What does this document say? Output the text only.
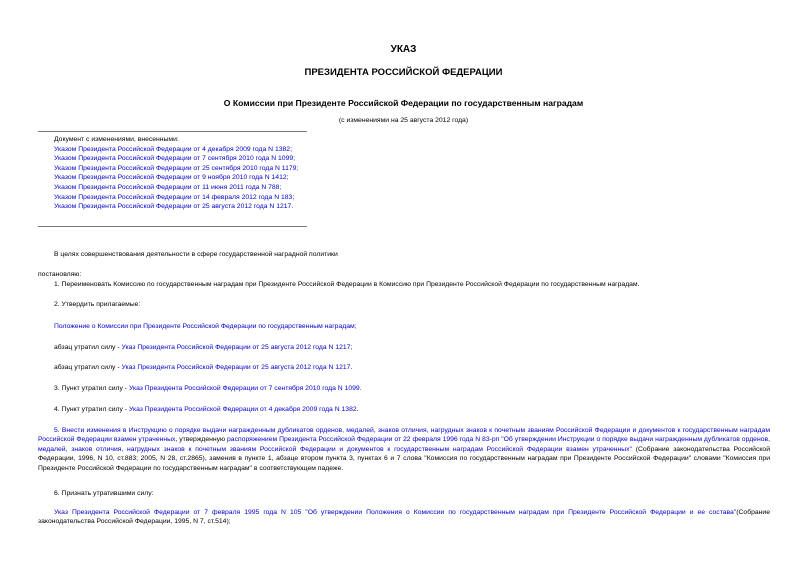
УКАЗ
ПРЕЗИДЕНТА РОССИЙСКОЙ ФЕДЕРАЦИИ
О Комиссии при Президенте Российской Федерации по государственным наградам
(с изменениями на 25 августа 2012 года)
Документ с изменениями, внесенными:
Указом Президента Российской Федерации от 4 декабря 2009 года N 1382;
Указом Президента Российской Федерации от 7 сентября 2010 года N 1099;
Указом Президента Российской Федерации от 25 сентября 2010 года N 1179;
Указом Президента Российской Федерации от 9 ноября 2010 года N 1412;
Указом Президента Российской Федерации от 11 июня 2011 года N 788;
Указом Президента Российской Федерации от 14 февраля 2012 года N 183;
Указом Президента Российской Федерации от 25 августа 2012 года N 1217.
В целях совершенствования деятельности в сфере государственной наградной политики
постановляю:
1. Переименовать Комиссию по государственным наградам при Президенте Российской Федерации в Комиссию при Президенте Российской Федерации по государственным наградам.
2. Утвердить прилагаемые:
Положение о Комиссии при Президенте Российской Федерации по государственным наградам;
абзац утратил силу - Указ Президента Российской Федерации от 25 августа 2012 года N 1217;
абзац утратил силу - Указ Президента Российской Федерации от 25 августа 2012 года N 1217.
3. Пункт утратил силу - Указ Президента Российской Федерации от 7 сентября 2010 года N 1099.
4. Пункт утратил силу - Указ Президента Российской Федерации от 4 декабря 2009 года N 1382.
5. Внести изменения в Инструкцию о порядке выдачи награжденным дубликатов орденов, медалей, знаков отличия, нагрудных знаков к почетным званиям Российской Федерации и документов к государственным наградам Российской Федерации взамен утраченных, утвержденную распоряжением Президента Российской Федерации от 22 февраля 1996 года N 83-рп "Об утверждении Инструкции о порядке выдачи награжденным дубликатов орденов, медалей, знаков отличия, нагрудных знаков к почетным званиям Российской Федерации и документов к государственным наградам Российской Федерации взамен утраченных" (Собрание законодательства Российской Федерации, 1996, N 10, ст.883; 2005, N 28, ст.2865), заменив в пункте 1, абзаце втором пункта 3, пунктах 6 и 7 слова "Комиссия по государственным наградам при Президенте Российской Федерации" словами "Комиссия при Президенте Российской Федерации по государственным наградам" в соответствующем падеже.
6. Признать утратившими силу:
Указ Президента Российской Федерации от 7 февраля 1995 года N 105 "Об утверждении Положения о Комиссии по государственным наградам при Президенте Российской Федерации и ее состава"(Собрание законодательства Российской Федерации, 1995, N 7, ст.514);
